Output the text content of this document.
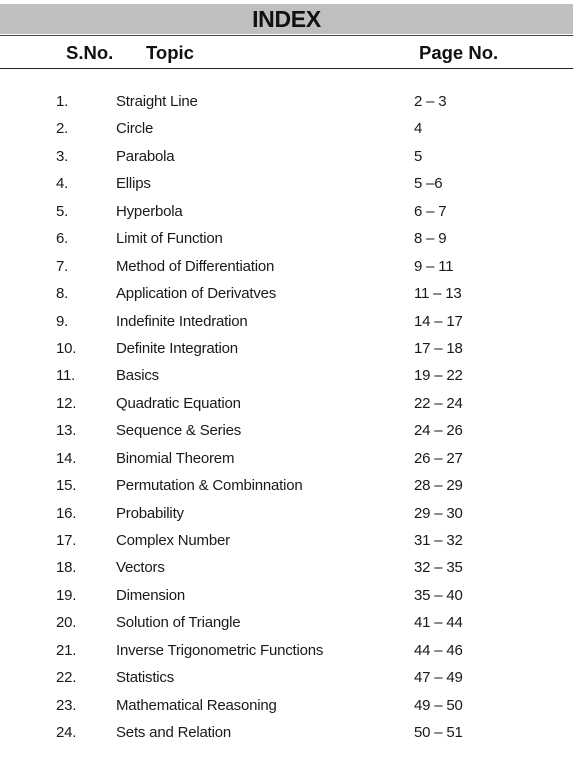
INDEX
S.No. Topic	Page No.
1.	Straight Line	2 – 3
2.	Circle	4
3.	Parabola	5
4.	Ellips	5 –6
5.	Hyperbola	6 – 7
6.	Limit of Function	8 – 9
7.	Method of Differentiation	9 – 11
8.	Application of Derivatves	11 – 13
9.	Indefinite Intedration	14 – 17
10.	Definite Integration	17 – 18
11.	Basics	19 – 22
12.	Quadratic Equation	22 – 24
13.	Sequence & Series	24 – 26
14.	Binomial Theorem	26 – 27
15.	Permutation & Combinnation	28 – 29
16.	Probability	29 – 30
17.	Complex Number	31 – 32
18.	Vectors	32 – 35
19.	Dimension	35 – 40
20.	Solution of Triangle	41 – 44
21.	Inverse Trigonometric Functions	44 – 46
22.	Statistics	47 – 49
23.	Mathematical Reasoning	49 – 50
24.	Sets and Relation	50 – 51
